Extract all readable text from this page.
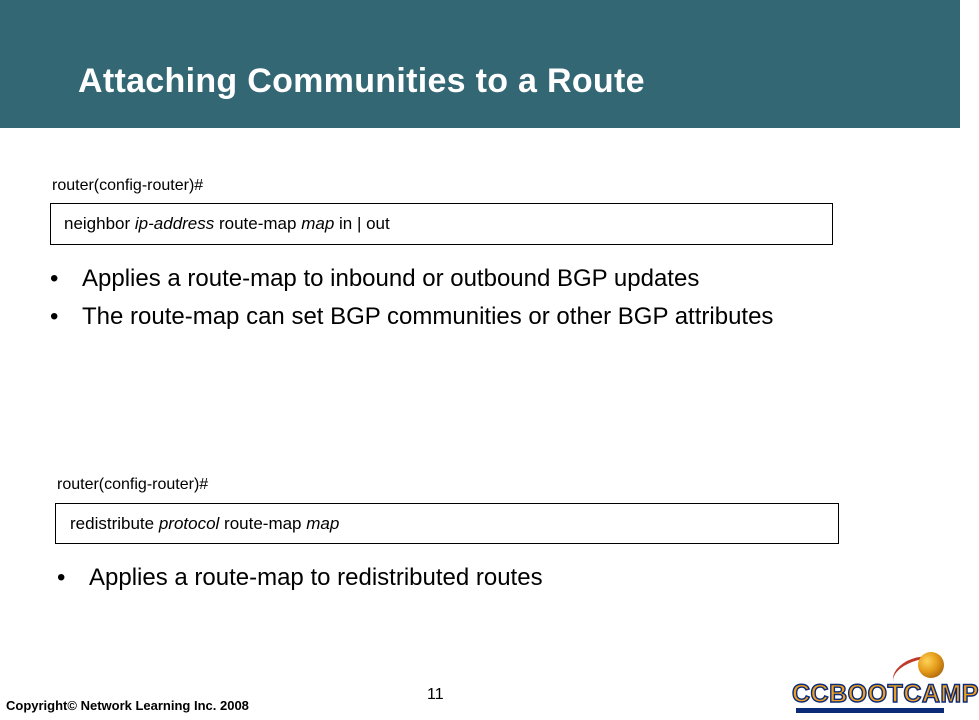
Attaching Communities to a Route
router(config-router)#
neighbor ip-address route-map map in | out
• Applies a route-map to inbound or outbound BGP updates
• The route-map can set BGP communities or other BGP attributes
router(config-router)#
redistribute protocol route-map map
• Applies a route-map to redistributed routes
Copyright© Network Learning Inc. 2008
11	CCBOOTCAMP
